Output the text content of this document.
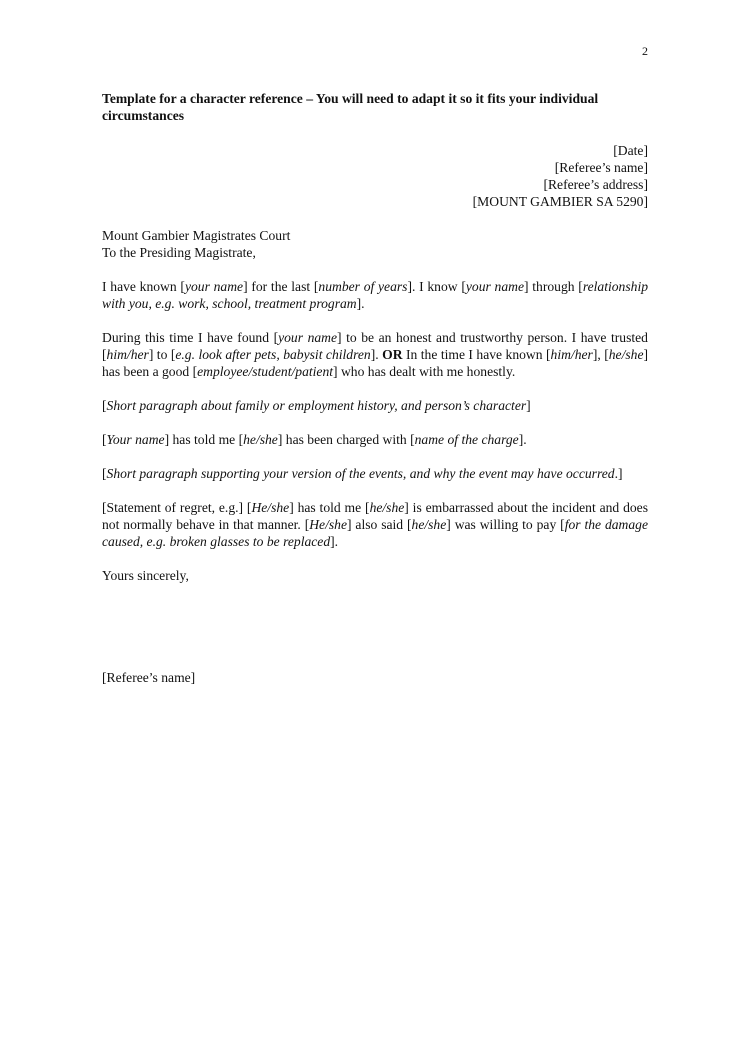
2
Template for a character reference – You will need to adapt it so it fits your individual circumstances
[Date]
[Referee’s name]
[Referee’s address]
[MOUNT GAMBIER SA 5290]
Mount Gambier Magistrates Court
To the Presiding Magistrate,

I have known [your name] for the last [number of years]. I know [your name] through [relationship with you, e.g. work, school, treatment program].

During this time I have found [your name] to be an honest and trustworthy person. I have trusted [him/her] to [e.g. look after pets, babysit children]. OR In the time I have known [him/her], [he/she] has been a good [employee/student/patient] who has dealt with me honestly.

[Short paragraph about family or employment history, and person’s character]

[Your name] has told me [he/she] has been charged with [name of the charge].

[Short paragraph supporting your version of the events, and why the event may have occurred.]

[Statement of regret, e.g.] [He/she] has told me [he/she] is embarrassed about the incident and does not normally behave in that manner. [He/she] also said [he/she] was willing to pay [for the damage caused, e.g. broken glasses to be replaced].

Yours sincerely,

[Referee’s name]
